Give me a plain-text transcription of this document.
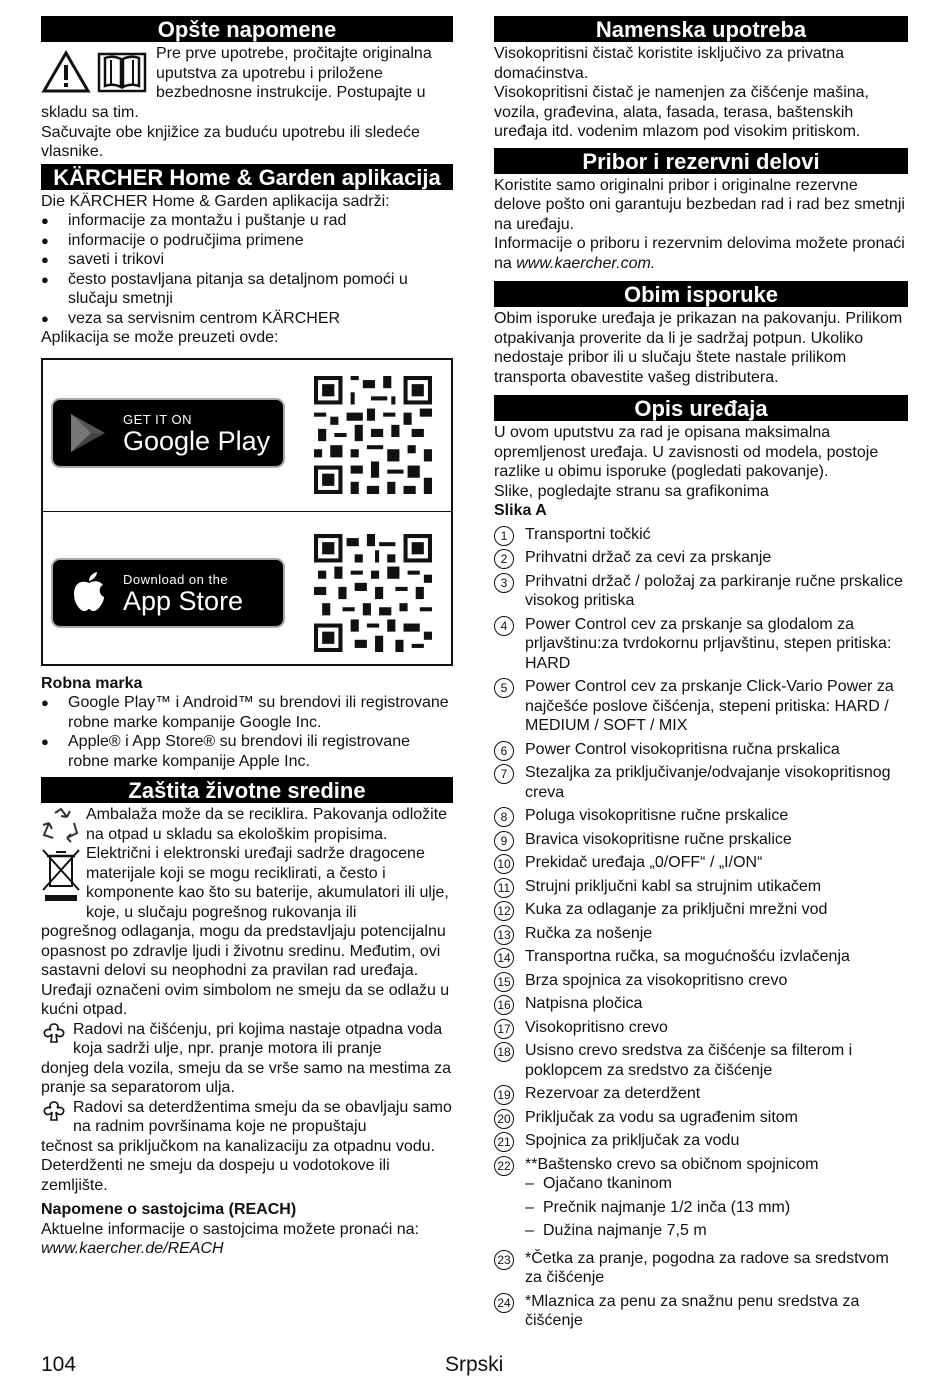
Opšte napomene

Pre prve upotrebe, pročitajte originalna uputstva za upotrebu i priložene bezbednosne instrukcije. Postupajte u

skladu sa tim.

Sačuvajte obe knjižice za buduću upotrebu ili sledeće vlasnike.

KÄRCHER Home & Garden aplikacija

Die KÄRCHER Home & Garden aplikacija sadrži:

● informacije za montažu i puštanje u rad
● informacije o područjima primene
● saveti i trikovi
● često postavljana pitanja sa detaljnom pomoći u slučaju smetnji
● veza sa servisnim centrom KÄRCHER

Aplikacija se može preuzeti ovde:

GET IT ON
Google Play
Download on the
App Store

Robna marka

● Google Play™ i Android™ su brendovi ili registrovane robne marke kompanije Google Inc.
● Apple® i App Store® su brendovi ili registrovane robne marke kompanije Apple Inc.
Zaštita životne sredine

Ambalaža može da se reciklira. Pakovanja odložite na otpad u skladu sa ekološkim propisima.

Električni i elektronski uređaji sadrže dragocene materijale koji se mogu reciklirati, a često i komponente kao što su baterije, akumulatori ili ulje, koje, u slučaju pogrešnog rukovanja ili

pogrešnog odlaganja, mogu da predstavljaju potencijalnu opasnost po zdravlje ljudi i životnu sredinu. Međutim, ovi sastavni delovi su neophodni za pravilan rad uređaja. Uređaji označeni ovim simbolom ne smeju da se odlažu u kućni otpad.

Radovi na čišćenju, pri kojima nastaje otpadna voda koja sadrži ulje, npr. pranje motora ili pranje

donjeg dela vozila, smeju da se vrše samo na mestima za pranje sa separatorom ulja.

Radovi sa deterdžentima smeju da se obavljaju samo na radnim površinama koje ne propuštaju

tečnost sa priključkom na kanalizaciju za otpadnu vodu. Deterdženti ne smeju da dospeju u vodotokove ili zemljište.

Napomene o sastojcima (REACH)

Aktuelne informacije o sastojcima možete pronaći na:

www.kaercher.de/REACH

Namenska upotreba

Visokopritisni čistač koristite isključivo za privatna domaćinstva.

Visokopritisni čistač je namenjen za čišćenje mašina, vozila, građevina, alata, fasada, terasa, baštenskih uređaja itd. vodenim mlazom pod visokim pritiskom.

Pribor i rezervni delovi

Koristite samo originalni pribor i originalne rezervne delove pošto oni garantuju bezbedan rad i rad bez smetnji na uređaju.

Informacije o priboru i rezervnim delovima možete pronaći na www.kaercher.com.

Obim isporuke

Obim isporuke uređaja je prikazan na pakovanju. Prilikom otpakivanja proverite da li je sadržaj potpun. Ukoliko nedostaje pribor ili u slučaju štete nastale prilikom transporta obavestite vašeg distributera.

Opis uređaja

U ovom uputstvu za rad je opisana maksimalna opremljenost uređaja. U zavisnosti od modela, postoje razlike u obimu isporuke (pogledati pakovanje).

Slike, pogledajte stranu sa grafikonima

Slika A

1	Transportni točkić
2	Prihvatni držač za cevi za prskanje
3	Prihvatni držač / položaj za parkiranje ručne prskalice visokog pritiska
4	Power Control cev za prskanje sa glodalom za prljavštinu:za tvrdokornu prljavštinu, stepen pritiska: HARD
5	Power Control cev za prskanje Click-Vario Power za najčešće poslove čišćenja, stepeni pritiska: HARD / MEDIUM / SOFT / MIX
6	Power Control visokopritisna ručna prskalica
7	Stezaljka za priključivanje/odvajanje visokopritisnog creva
8	Poluga visokopritisne ručne prskalice
9	Bravica visokopritisne ručne prskalice
10 Prekidač uređaja „0/OFF“ / „I/ON“
11 Strujni priključni kabl sa strujnim utikačem
12 Kuka za odlaganje za priključni mrežni vod
13 Ručka za nošenje
14 Transportna ručka, sa mogućnošću izvlačenja
15 Brza spojnica za visokopritisno crevo
16 Natpisna pločica
17 Visokopritisno crevo
18 Usisno crevo sredstva za čišćenje sa filterom i poklopcem za sredstvo za čišćenje
19 Rezervoar za deterdžent
20 Priključak za vodu sa ugrađenim sitom
21 Spojnica za priključak za vodu
22 **Baštensko crevo sa običnom spojnicom
– Ojačano tkaninom
– Prečnik najmanje 1/2 inča (13 mm)
– Dužina najmanje 7,5 m
23 *Četka za pranje, pogodna za radove sa sredstvom za čišćenje
24 *Mlaznica za penu za snažnu penu sredstva za čišćenje
104	Srpski
